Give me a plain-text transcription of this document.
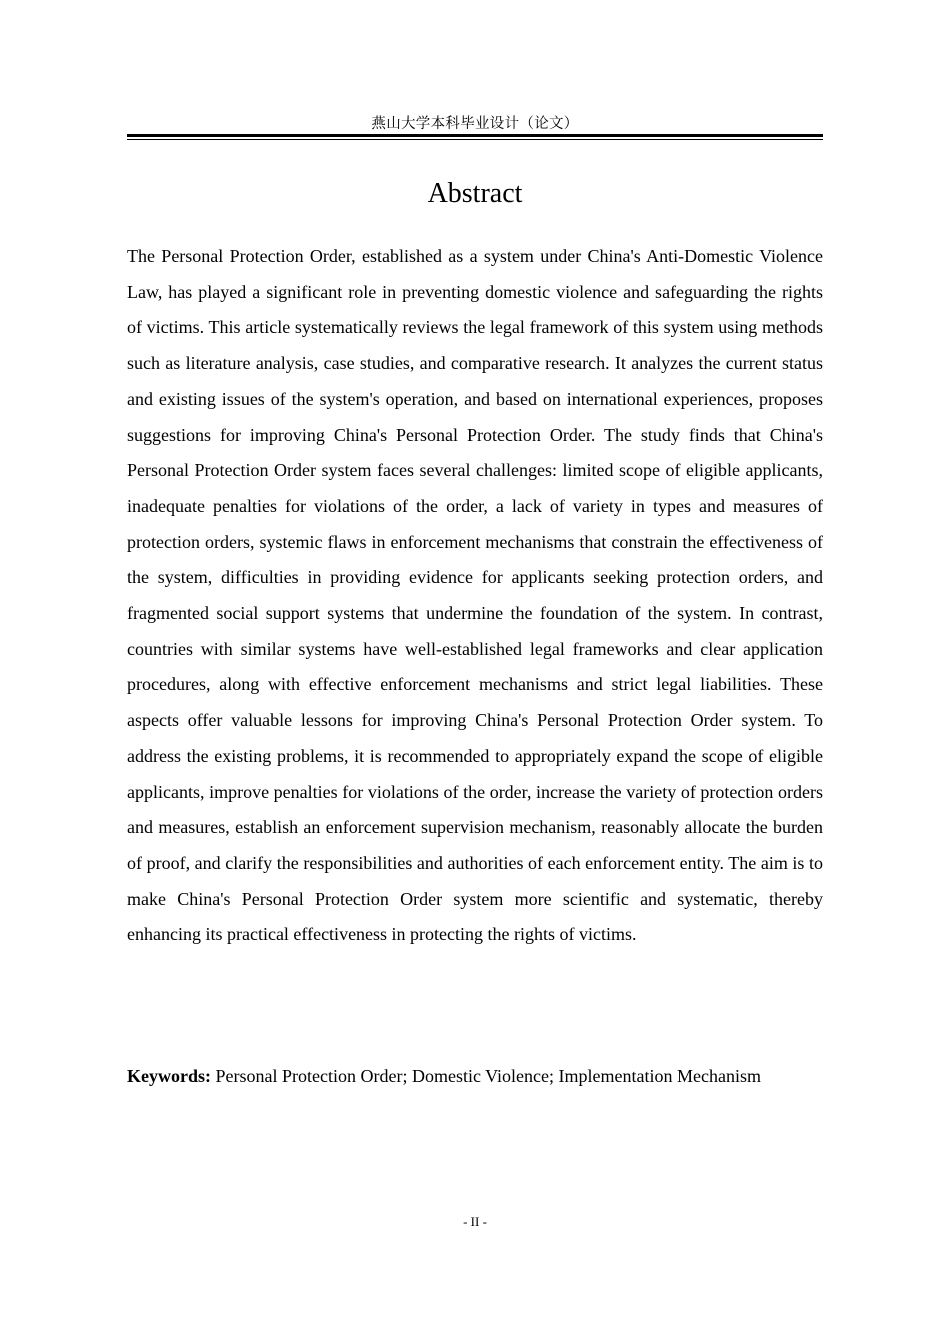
燕山大学本科毕业设计（论文）
Abstract

The Personal Protection Order, established as a system under China's Anti-Domestic Violence Law, has played a significant role in preventing domestic violence and safeguarding the rights of victims. This article systematically reviews the legal framework of this system using methods such as literature analysis, case studies, and comparative research. It analyzes the current status and existing issues of the system's operation, and based on international experiences, proposes suggestions for improving China's Personal Protection Order. The study finds that China's Personal Protection Order system faces several challenges: limited scope of eligible applicants, inadequate penalties for violations of the order, a lack of variety in types and measures of protection orders, systemic flaws in enforcement mechanisms that constrain the effectiveness of the system, difficulties in providing evidence for applicants seeking protection orders, and fragmented social support systems that undermine the foundation of the system. In contrast, countries with similar systems have well-established legal frameworks and clear application procedures, along with effective enforcement mechanisms and strict legal liabilities. These aspects offer valuable lessons for improving China's Personal Protection Order system. To address the existing problems, it is recommended to appropriately expand the scope of eligible applicants, improve penalties for violations of the order, increase the variety of protection orders and measures, establish an enforcement supervision mechanism, reasonably allocate the burden of proof, and clarify the responsibilities and authorities of each enforcement entity. The aim is to make China's Personal Protection Order system more scientific and systematic, thereby enhancing its practical effectiveness in protecting the rights of victims.

Keywords: Personal Protection Order; Domestic Violence; Implementation Mechanism

- II -
